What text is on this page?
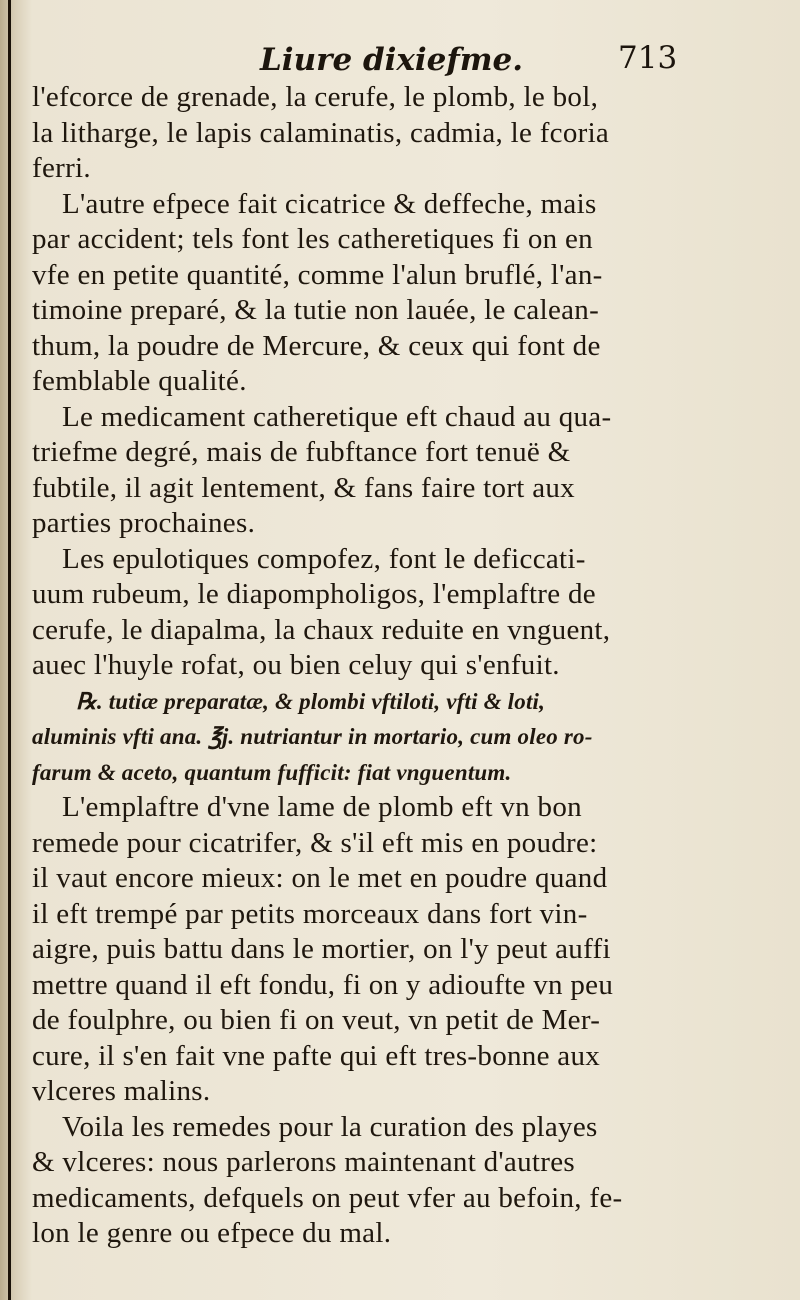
Liure dixiefme.	713
l'efcorce de grenade, la cerufe, le plomb, le bol,
la litharge, le lapis calaminatis, cadmia, le fcoria
ferri.
L'autre efpece fait cicatrice & deffeche, mais
par accident; tels font les catheretiques fi on en
vfe en petite quantité, comme l'alun bruflé, l'an-
timoine preparé, & la tutie non lauée, le calean-
thum, la poudre de Mercure, & ceux qui font de
femblable qualité.
Le medicament catheretique eft chaud au qua-
triefme degré, mais de fubftance fort tenuë &
fubtile, il agit lentement, & fans faire tort aux
parties prochaines.
Les epulotiques compofez, font le deficcati-
uum rubeum, le diapompholigos, l'emplaftre de
cerufe, le diapalma, la chaux reduite en vnguent,
auec l'huyle rofat, ou bien celuy qui s'enfuit.
℞. tutiæ preparatæ, & plombi vftiloti, vfti & loti,
aluminis vfti ana. ℥j. nutriantur in mortario, cum oleo ro-
farum & aceto, quantum fufficit: fiat vnguentum.
L'emplaftre d'vne lame de plomb eft vn bon
remede pour cicatrifer, & s'il eft mis en poudre:
il vaut encore mieux: on le met en poudre quand
il eft trempé par petits morceaux dans fort vin-
aigre, puis battu dans le mortier, on l'y peut auffi
mettre quand il eft fondu, fi on y adioufte vn peu
de foulphre, ou bien fi on veut, vn petit de Mer-
cure, il s'en fait vne pafte qui eft tres-bonne aux
vlceres malins.
Voila les remedes pour la curation des playes
& vlceres: nous parlerons maintenant d'autres
medicaments, defquels on peut vfer au befoin, fe-
lon le genre ou efpece du mal.
